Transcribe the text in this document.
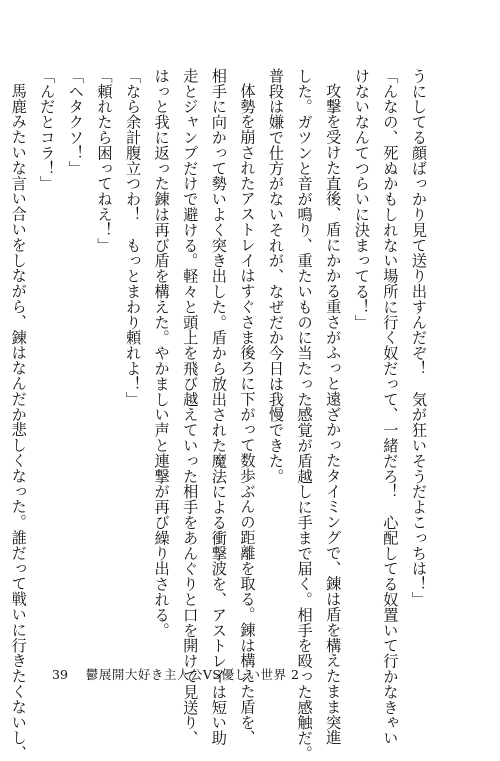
うにしてる顔ばっかり見て送り出すんだぞ！　気が狂いそうだよこっちは！」

「んなの、死ぬかもしれない場所に行く奴だって、一緒だろ！　心配してる奴置いて行かなきゃい

けないなんてつらいに決まってる！」

攻撃を受けた直後、盾にかかる重さがふっと遠ざかったタイミングで、錬は盾を構えたまま突進

した。ガツンと音が鳴り、重たいものに当たった感覚が盾越しに手まで届く。相手を殴った感触だ。

普段は嫌で仕方がないそれが、なぜだか今日は我慢できた。

体勢を崩されたアストレイはすぐさま後ろに下がって数歩ぶんの距離を取る。錬は構えた盾を、

相手に向かって勢いよく突き出した。盾から放出された魔法による衝撃波を、アストレイは短い助

走とジャンプだけで避ける。軽々と頭上を飛び越えていった相手をあんぐりと口を開けて見送り、

はっと我に返った錬は再び盾を構えた。やかましい声と連撃が再び繰り出される。

「なら余計腹立つわ！　もっとまわり頼れよ！」

「頼れたら困ってねえ！」

「ヘタクソ！」

「んだとコラ！」

馬鹿みたいな言い合いをしながら、錬はなんだか悲しくなった。誰だって戦いに行きたくないし、	39 鬱展開大好き主人公VS優しい世界 2
